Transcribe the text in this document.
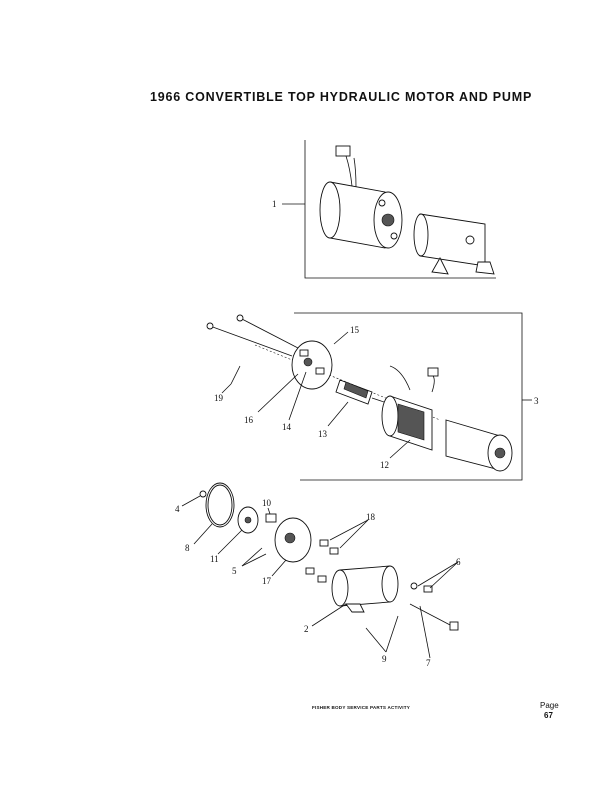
1966 CONVERTIBLE TOP HYDRAULIC MOTOR AND PUMP
1
3
15
19
16
14
13
12
4
8
10
11
5
17
18
6
2
9	7
FISHER BODY SERVICE PARTS ACTIVITY	Page
67
